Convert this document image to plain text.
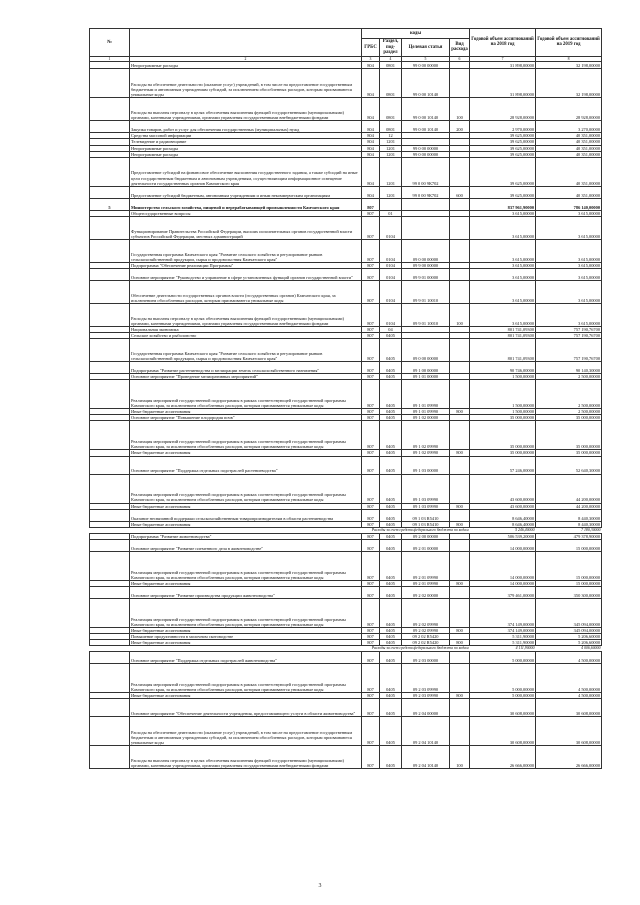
№		коды				Годовой объем ассигнований на 2018 год	Годовой объем ассигнований на 2019 год
		ГРБС	Раздел, под-раздел	Целевая статья	Вид расхода		
1	2	3	4	5	6	7	8
	Непрограммные расходы	804	0801	99 0 00 00000		31 898,00000	32 198,00000
	Расходы на обеспечение деятельности (оказание услуг) учреждений, в том числе на предоставление государственным бюджетным и автономным учреждениям субсидий, за исключением обособленных расходов, которым присваиваются уникальные коды	804	0801	99 0 00 10140		31 898,00000	32 198,00000
	Расходы на выплаты персоналу в целях обеспечения выполнения функций государственными (муниципальными) органами, казенными учреждениями, органами управления государственными внебюджетными фондами	804	0801	99 0 00 10140	100	28 928,00000	28 928,00000
	Закупка товаров, работ и услуг для обеспечения государственных (муниципальных) нужд	804	0801	99 0 00 10140	200	2 970,00000	3 270,00000
	Средства массовой информации	804	12			39 625,00000	40 351,00000
	Телевидение и радиовещание	804	1201			39 625,00000	40 351,00000
	Непрограммные расходы	804	1201	99 0 00 00000		39 625,00000	40 351,00000
	Непрограммные расходы	804	1201	99 0 00 00000		39 625,00000	40 351,00000
	Предоставление субсидий на финансовое обеспечение выполнения государственного задания, а также субсидий на иные цели государственным бюджетным и автономным учреждениям, осуществляющим информационное освещение деятельности государственных органов Камчатского края	804	1201	99 0 00 9К702		39 625,00000	40 351,00000
	Предоставление субсидий бюджетным, автономным учреждениям и иным некоммерческим организациям	804	1201	99 0 00 9К702	600	39 625,00000	40 351,00000
5	Министерство сельского хозяйства, пищевой и перерабатывающей промышленности Камчатского края	807				837 961,90000	786 140,00000
	Общегосударственные вопросы	807	01			3 615,00000	3 615,00000
	Функционирование Правительства Российской Федерации, высших исполнительных органов государственной власти субъектов Российской Федерации, местных администраций	807	0104			3 615,00000	3 615,00000
	Государственная программа Камчатского края "Развитие сельского хозяйства и регулирование рынков сельскохозяйственной продукции, сырья и продовольствия Камчатского края"	807	0104	09 0 00 00000		3 615,00000	3 615,00000
	Подпрограмма "Обеспечение реализации Программы"	807	0104	09 9 00 00000		3 615,00000	3 615,00000
	Основное мероприятие "Руководство и управление в сфере установленных функций органов государственной власти"	807	0104	09 9 01 00000		3 615,00000	3 615,00000
	Обеспечение деятельности государственных органов власти (государственных органов) Камчатского края, за исключением обособленных расходов, которым присваиваются уникальные коды	807	0104	09 9 01 10010		3 615,00000	3 615,00000
	Расходы на выплаты персоналу в целях обеспечения выполнения функций государственными (муниципальными) органами, казенными учреждениями, органами управления государственными внебюджетными фондами	807	0104	09 9 01 10010	100	3 615,00000	3 615,00000
	Национальная экономика	807	04			801 741,09300	757 190,76700
	Сельское хозяйство и рыболовство	807	0405			801 741,09300	757 190,76700
	Государственная программа Камчатского края "Развитие сельского хозяйства и регулирование рынков сельскохозяйственной продукции, сырья и продовольствия Камчатского края"	807	0405	09 0 00 00000		801 741,09300	757 190,76700
	Подпрограмма "Развитие растениеводства и мелиорации земель сельскохозяйственного назначения"	807	0405	09 1 00 00000		90 746,00000	90 140,30000
	Основное мероприятие "Проведение мелиоративных мероприятий"	807	0405	09 1 01 00000		1 500,00000	2 500,00000
	Реализация мероприятий государственной подпрограммы в рамках соответствующей государственной программы Камчатского края, за исключением обособленных расходов, которым присваиваются уникальные коды	807	0405	09 1 01 09990		1 500,00000	2 500,00000
	Иные бюджетные ассигнования	807	0405	09 1 01 09990	800	1 500,00000	2 500,00000
	Основное мероприятие "Повышение плодородия почв"	807	0405	09 1 02 00000		35 000,00000	35 000,00000
	Реализация мероприятий государственной подпрограммы в рамках соответствующей государственной программы Камчатского края, за исключением обособленных расходов, которым присваиваются уникальные коды	807	0405	09 1 02 09990		35 000,00000	35 000,00000
	Иные бюджетные ассигнования	807	0405	09 1 02 09990	800	35 000,00000	35 000,00000
	Основное мероприятие "Поддержка отдельных подотраслей растениеводства"	807	0405	09 1 03 00000		57 246,00000	52 640,30000
	Реализация мероприятий государственной подпрограммы в рамках соответствующей государственной программы Камчатского края, за исключением обособленных расходов, которым присваиваются уникальные коды	807	0405	09 1 03 09990		43 600,00000	44 200,00000
	Иные бюджетные ассигнования	807	0405	09 1 03 09990	800	43 600,00000	44 200,00000
	Оказание несвязанной поддержки сельскохозяйственным товаропроизводителям в области растениеводства	807	0405	09 1 03 R5410		8 646,40000	8 440,30000
	Иные бюджетные ассигнования	807	0405	09 1 03 R5410	800	8 646,40000	8 440,30000
Расходы за счет средств федерального бюджета по кодам						5 246,40000	7 180,30000
	Подпрограмма "Развитие животноводства"	807	0405	09 2 00 00000		506 539,20000	479 378,90000
	Основное мероприятие "Развитие племенного дела в животноводстве"	807	0405	09 2 01 00000		14 000,00000	15 000,00000
	Реализация мероприятий государственной подпрограммы в рамках соответствующей государственной программы Камчатского края, за исключением обособленных расходов, которым присваиваются уникальные коды	807	0405	09 2 01 09990		14 000,00000	15 000,00000
	Иные бюджетные ассигнования	807	0405	09 2 01 09990	800	14 000,00000	15 000,00000
	Основное мероприятие "Развитие производства продукции животноводства"	807	0405	09 2 02 00000		379 461,00000	350 300,00000
	Реализация мероприятий государственной подпрограммы в рамках соответствующей государственной программы Камчатского края, за исключением обособленных расходов, которым присваиваются уникальные коды	807	0405	09 2 02 09990		374 149,00000	345 094,00000
	Иные бюджетные ассигнования	807	0405	09 2 02 09990	800	374 149,00000	345 094,00000
	Повышение продуктивности в молочном скотоводстве	807	0405	09 2 02 R5420		5 311,90000	5 206,60000
	Иные бюджетные ассигнования	807	0405	09 2 02 R5420	800	5 311,90000	5 206,60000
Расходы за счет средств федерального бюджета по кодам						4 111,90000	4 006,60000
	Основное мероприятие "Поддержка отдельных подотраслей животноводства"	807	0405	09 2 03 00000		5 000,00000	4 500,00000
	Реализация мероприятий государственной подпрограммы в рамках соответствующей государственной программы Камчатского края, за исключением обособленных расходов, которым присваиваются уникальные коды	807	0405	09 2 03 09990		5 000,00000	4 500,00000
	Иные бюджетные ассигнования	807	0405	09 2 03 09990	800	5 000,00000	4 500,00000
	Основное мероприятие "Обеспечение деятельности учреждения, предоставляющего услуги в области животноводства"	807	0405	09 2 04 00000		30 608,00000	30 608,00000
	Расходы на обеспечение деятельности (оказание услуг) учреждений, в том числе на предоставление государственным бюджетным и автономным учреждениям субсидий, за исключением обособленных расходов, которым присваиваются уникальные коды	807	0405	09 2 04 10140		30 608,00000	30 608,00000
	Расходы на выплаты персоналу в целях обеспечения выполнения функций государственными (муниципальными) органами, казенными учреждениями, органами управления государственными внебюджетными фондами	807	0405	09 2 04 10140	100	26 666,00000	26 666,00000
3
